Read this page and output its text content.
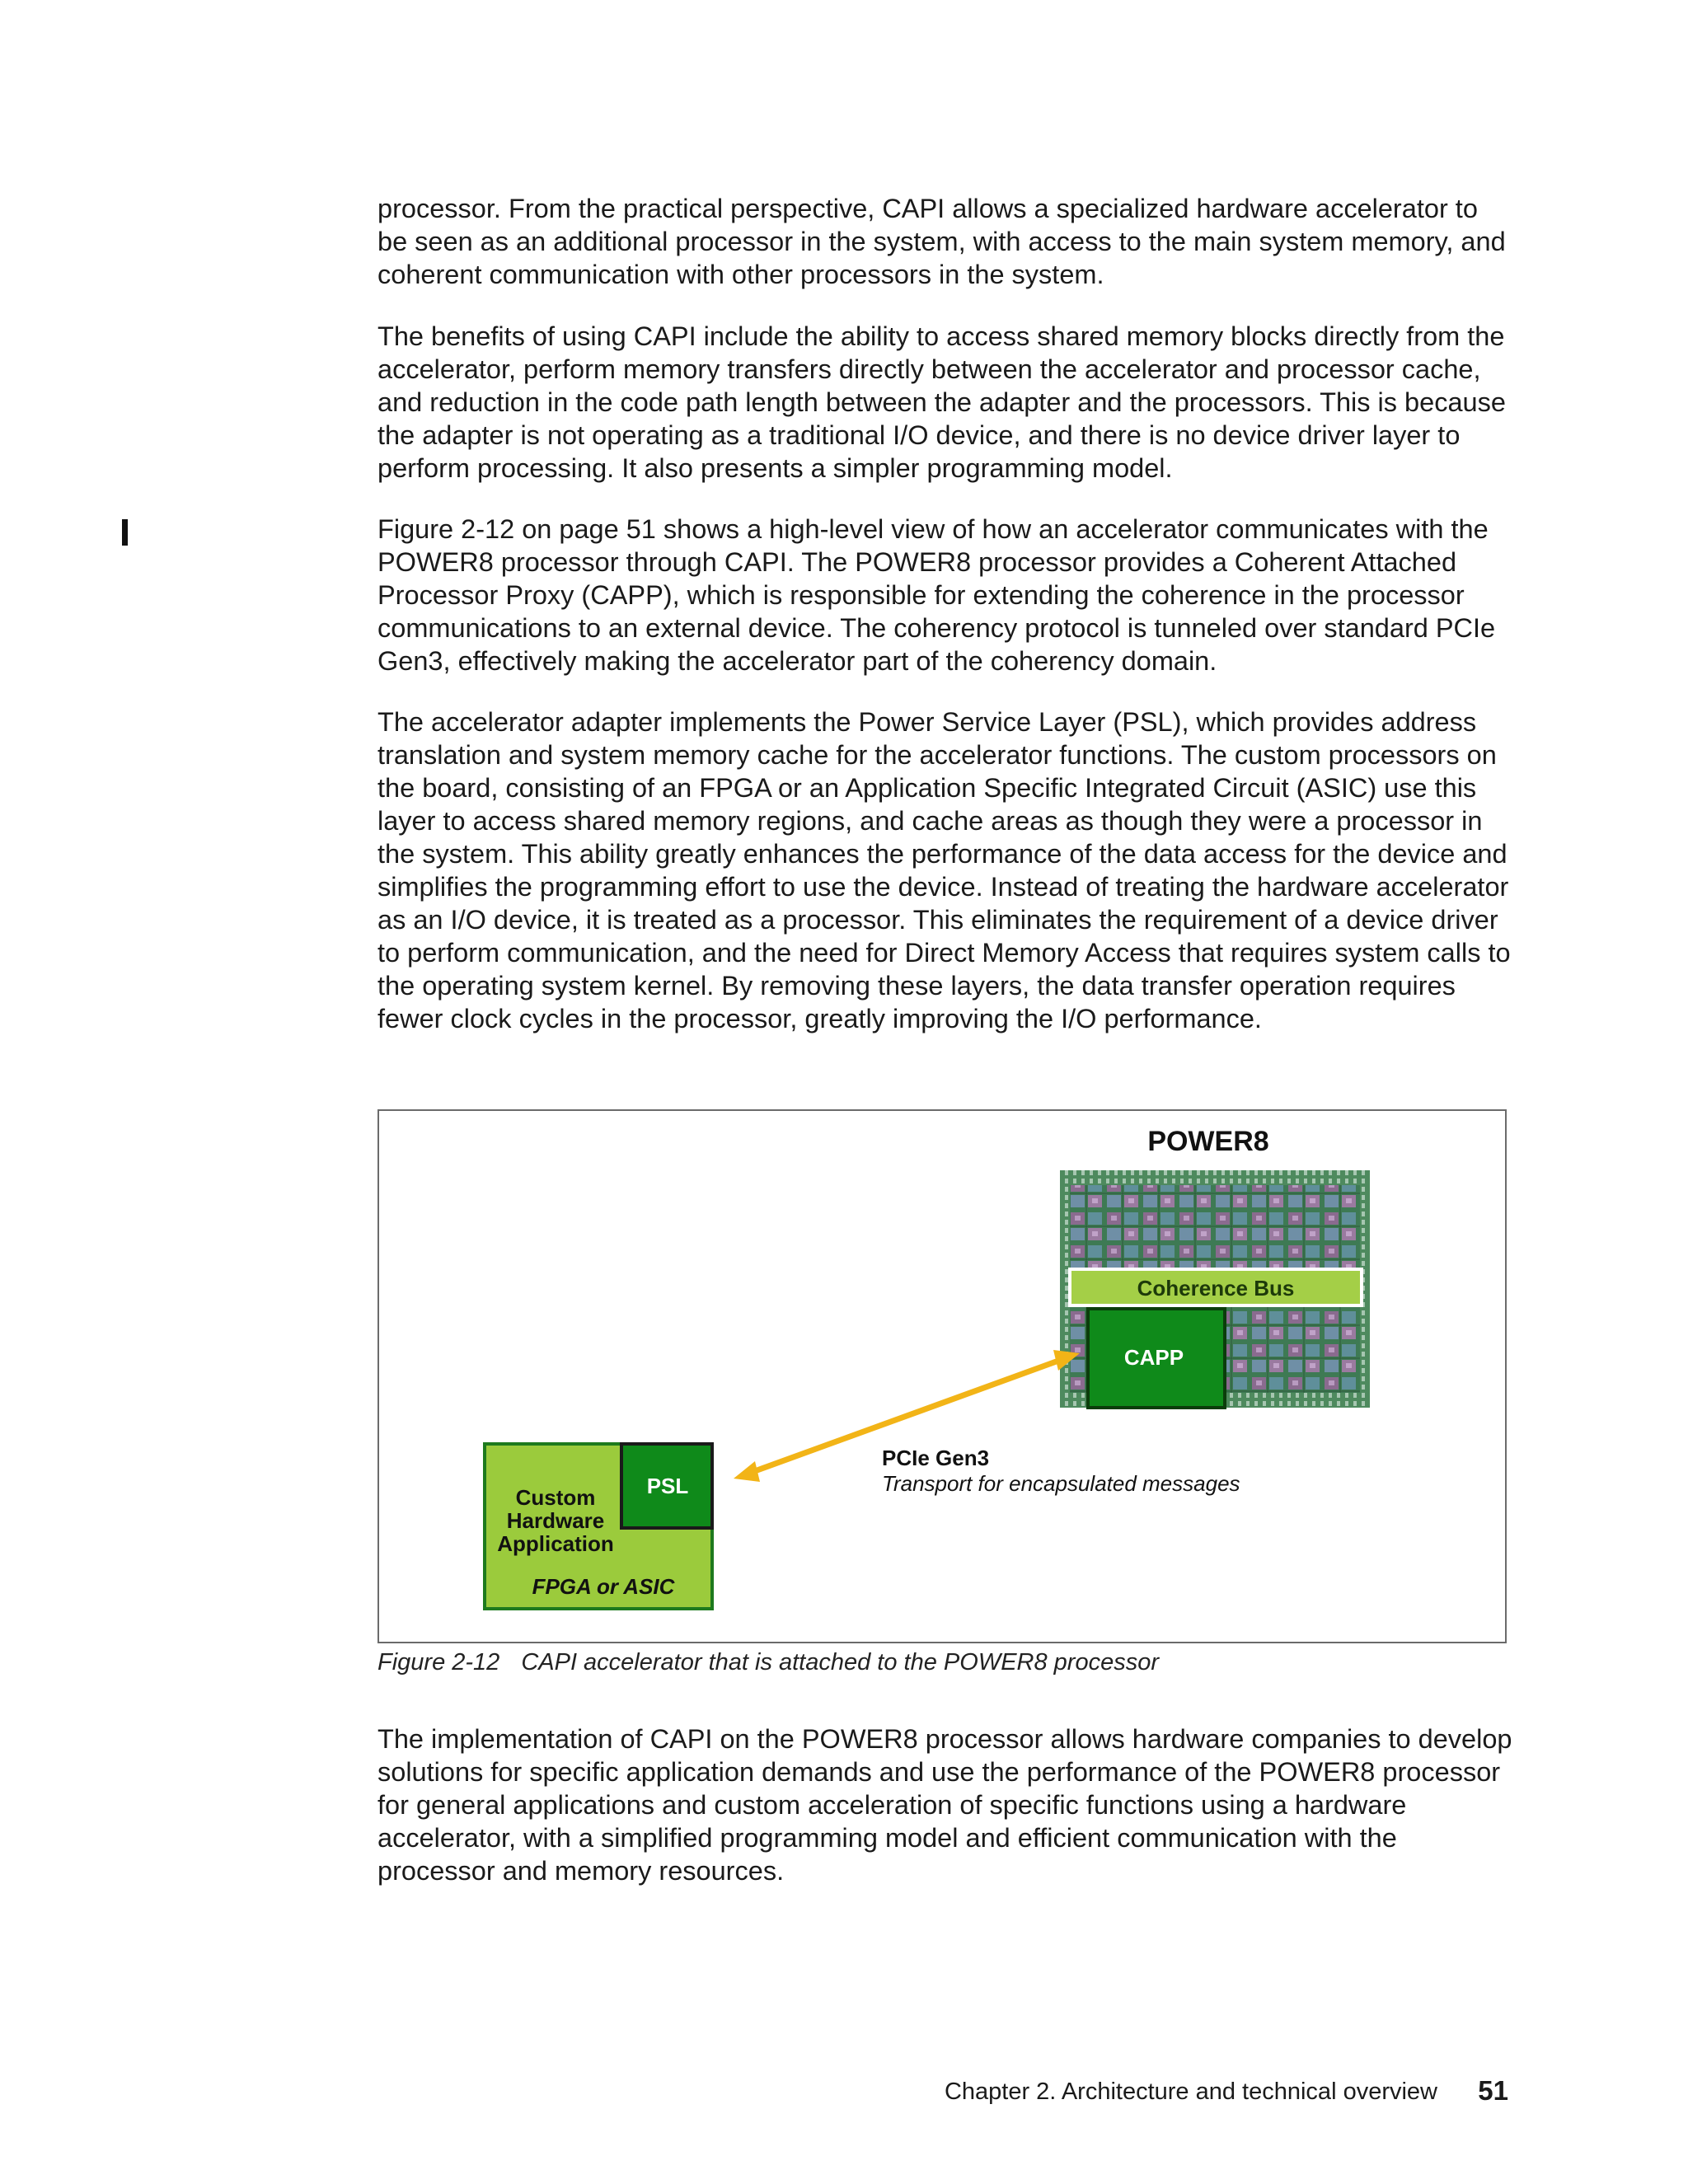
processor. From the practical perspective, CAPI allows a specialized hardware accelerator to be seen as an additional processor in the system, with access to the main system memory, and coherent communication with other processors in the system.

The benefits of using CAPI include the ability to access shared memory blocks directly from the accelerator, perform memory transfers directly between the accelerator and processor cache, and reduction in the code path length between the adapter and the processors. This is because the adapter is not operating as a traditional I/O device, and there is no device driver layer to perform processing. It also presents a simpler programming model.

Figure 2-12 on page 51 shows a high-level view of how an accelerator communicates with the POWER8 processor through CAPI. The POWER8 processor provides a Coherent Attached Processor Proxy (CAPP), which is responsible for extending the coherence in the processor communications to an external device. The coherency protocol is tunneled over standard PCIe Gen3, effectively making the accelerator part of the coherency domain.

The accelerator adapter implements the Power Service Layer (PSL), which provides address translation and system memory cache for the accelerator functions. The custom processors on the board, consisting of an FPGA or an Application Specific Integrated Circuit (ASIC) use this layer to access shared memory regions, and cache areas as though they were a processor in the system. This ability greatly enhances the performance of the data access for the device and simplifies the programming effort to use the device. Instead of treating the hardware accelerator as an I/O device, it is treated as a processor. This eliminates the requirement of a device driver to perform communication, and the need for Direct Memory Access that requires system calls to the operating system kernel. By removing these layers, the data transfer operation requires fewer clock cycles in the processor, greatly improving the I/O performance.

POWER8
Coherence Bus
CAPP
PCIe Gen3
Transport for encapsulated messages
PSL
Custom
Hardware
Application
FPGA or ASIC
Figure 2-12 CAPI accelerator that is attached to the POWER8 processor

The implementation of CAPI on the POWER8 processor allows hardware companies to develop solutions for specific application demands and use the performance of the POWER8 processor for general applications and custom acceleration of specific functions using a hardware accelerator, with a simplified programming model and efficient communication with the processor and memory resources.

Chapter 2. Architecture and technical overview 51
